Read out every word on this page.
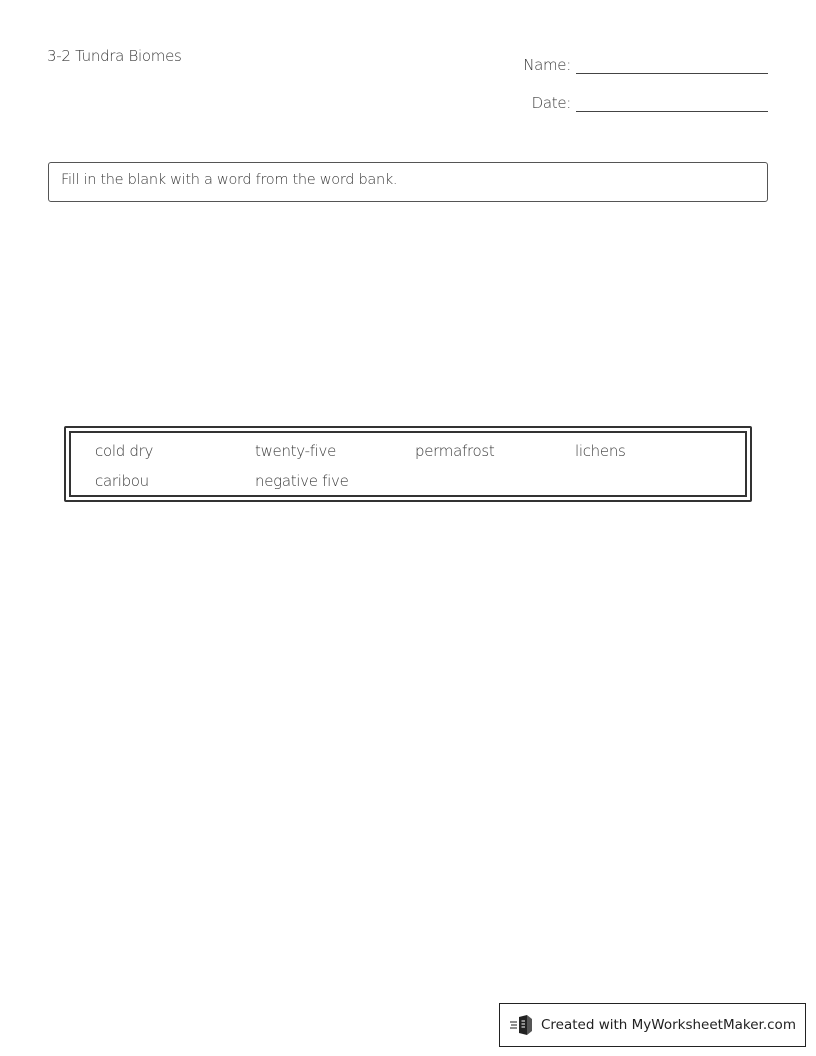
3-2 Tundra Biomes	Name:
Date:
Fill in the blank with a word from the word bank.
cold dry	twenty-five	permafrost	lichens
caribou	negative five
Created with MyWorksheetMaker.com
